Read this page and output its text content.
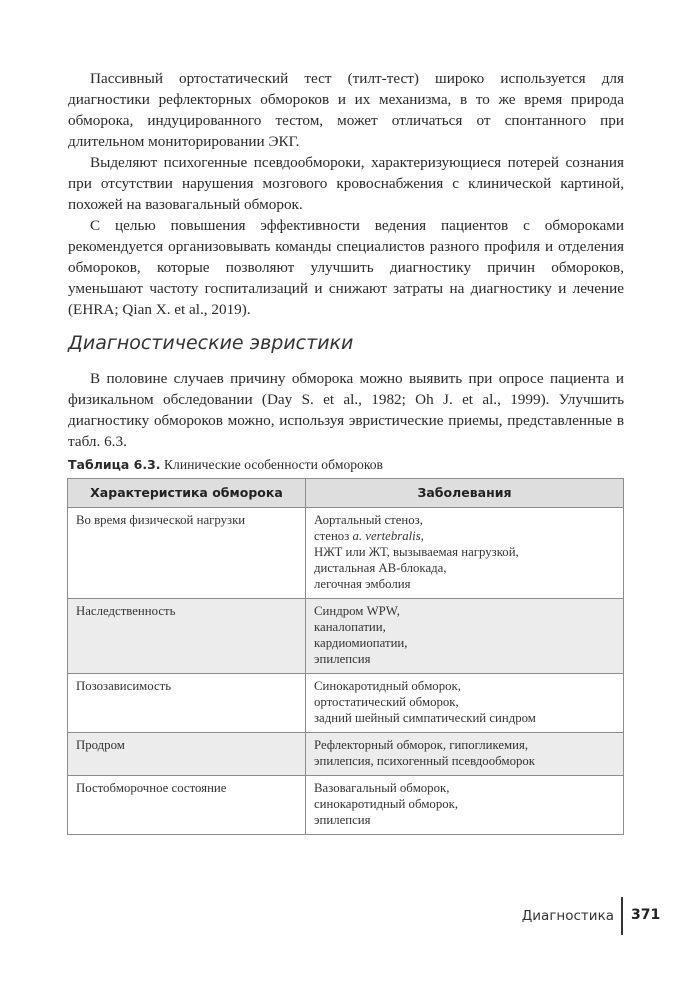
Пассивный ортостатический тест (тилт-тест) широко используется для диагностики рефлекторных обмороков и их механизма, в то же время природа обморока, индуцированного тестом, может отличаться от спонтанного при длительном мониторировании ЭКГ.

Выделяют психогенные псевдообмороки, характеризующиеся потерей сознания при отсутствии нарушения мозгового кровоснабжения с клинической картиной, похожей на вазовагальный обморок.

С целью повышения эффективности ведения пациентов с обмороками рекомендуется организовывать команды специалистов разного профиля и отделения обмороков, которые позволяют улучшить диагностику причин обмороков, уменьшают частоту госпитализаций и снижают затраты на диагностику и лечение (EHRA; Qian X. et al., 2019).

Диагностические эвристики

В половине случаев причину обморока можно выявить при опросе пациента и физикальном обследовании (Day S. et al., 1982; Oh J. et al., 1999). Улучшить диагностику обмороков можно, используя эвристические приемы, представленные в табл. 6.3.

Таблица 6.3. Клинические особенности обмороков
Характеристика обморока	Заболевания
Во время физической нагрузки	Аортальный стеноз,
стеноз a. vertebralis,
НЖТ или ЖТ, вызываемая нагрузкой,
дистальная АВ-блокада,
легочная эмболия

Наследственность	Синдром WPW,
каналопатии,
кардиомиопатии,
эпилепсия

Позозависимость	Синокаротидный обморок,
ортостатический обморок,
задний шейный симпатический синдром

Продром	Рефлекторный обморок, гипогликемия,
эпилепсия, психогенный псевдообморок

Постобморочное состояние	Вазовагальный обморок,
синокаротидный обморок,
эпилепсия
Диагностика 371
